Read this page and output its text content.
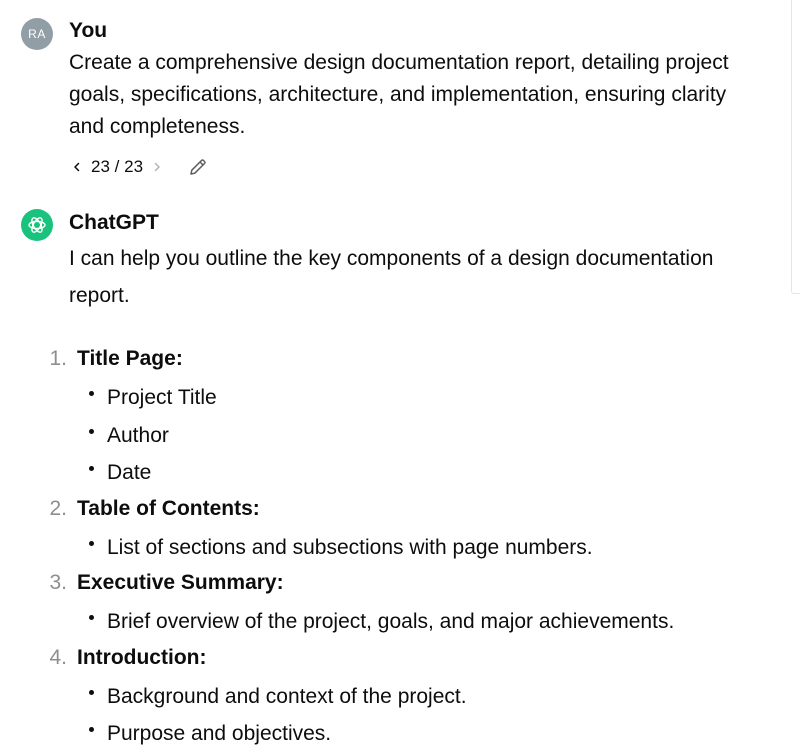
RA	You
Create a comprehensive design documentation report, detailing project goals, specifications, architecture, and implementation, ensuring clarity and completeness.
23 / 23
ChatGPT
I can help you outline the key components of a design documentation report.
1. Title Page:
Project Title
Author
Date
2. Table of Contents:
List of sections and subsections with page numbers.
3. Executive Summary:
Brief overview of the project, goals, and major achievements.
4. Introduction:
Background and context of the project.
Purpose and objectives.
